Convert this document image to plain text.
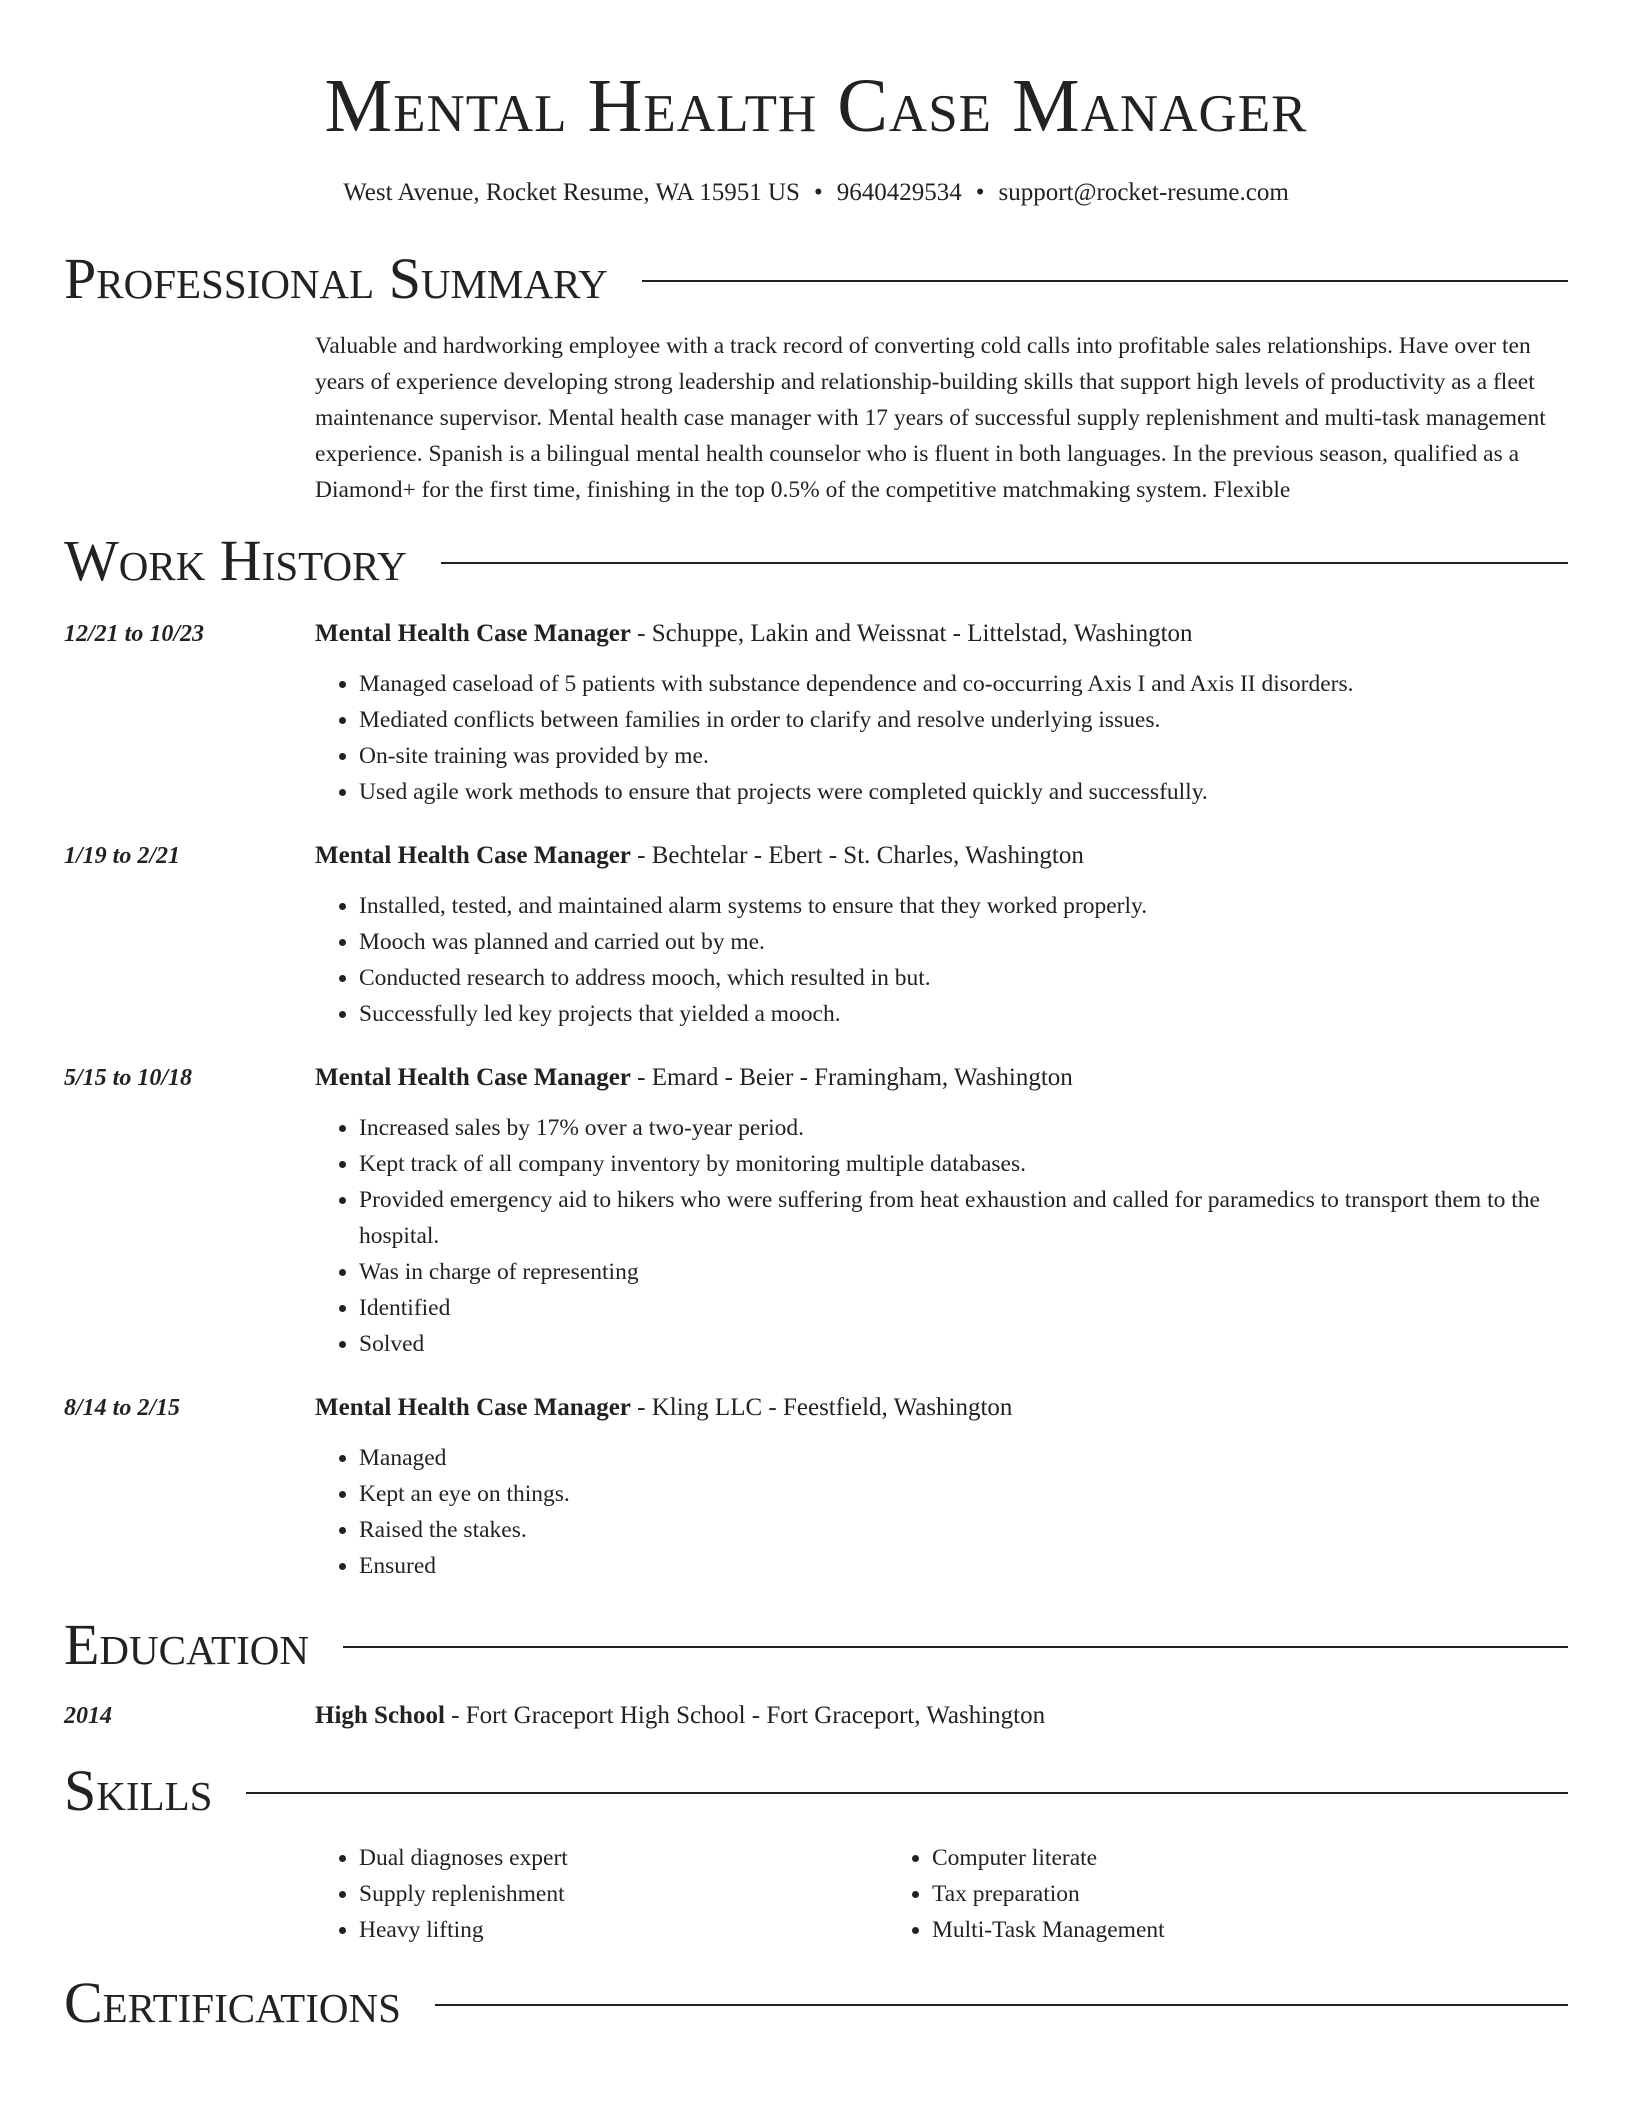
Mental Health Case Manager
West Avenue, Rocket Resume, WA 15951 US • 9640429534 • support@rocket-resume.com
Professional Summary

Valuable and hardworking employee with a track record of converting cold calls into profitable sales relationships. Have over ten years of experience developing strong leadership and relationship-building skills that support high levels of productivity as a fleet maintenance supervisor. Mental health case manager with 17 years of successful supply replenishment and multi-task management experience. Spanish is a bilingual mental health counselor who is fluent in both languages. In the previous season, qualified as a Diamond+ for the first time, finishing in the top 0.5% of the competitive matchmaking system. Flexible

Work History
12/21 to 10/23	Mental Health Case Manager - Schuppe, Lakin and Weissnat - Littelstad, Washington
• Managed caseload of 5 patients with substance dependence and co-occurring Axis I and Axis II disorders.
• Mediated conflicts between families in order to clarify and resolve underlying issues.
• On-site training was provided by me.
• Used agile work methods to ensure that projects were completed quickly and successfully.
1/19 to 2/21	Mental Health Case Manager - Bechtelar - Ebert - St. Charles, Washington
• Installed, tested, and maintained alarm systems to ensure that they worked properly.
• Mooch was planned and carried out by me.
• Conducted research to address mooch, which resulted in but.
• Successfully led key projects that yielded a mooch.
5/15 to 10/18	Mental Health Case Manager - Emard - Beier - Framingham, Washington
• Increased sales by 17% over a two-year period.
• Kept track of all company inventory by monitoring multiple databases.
• Provided emergency aid to hikers who were suffering from heat exhaustion and called for paramedics to transport them to the hospital.
• Was in charge of representing
• Identified
• Solved
8/14 to 2/15	Mental Health Case Manager - Kling LLC - Feestfield, Washington
• Managed
• Kept an eye on things.
• Raised the stakes.
• Ensured
Education
2014	High School - Fort Graceport High School - Fort Graceport, Washington
Skills
• Dual diagnoses expert
• Supply replenishment
• Heavy lifting
• Computer literate
• Tax preparation
• Multi-Task Management
Certifications
